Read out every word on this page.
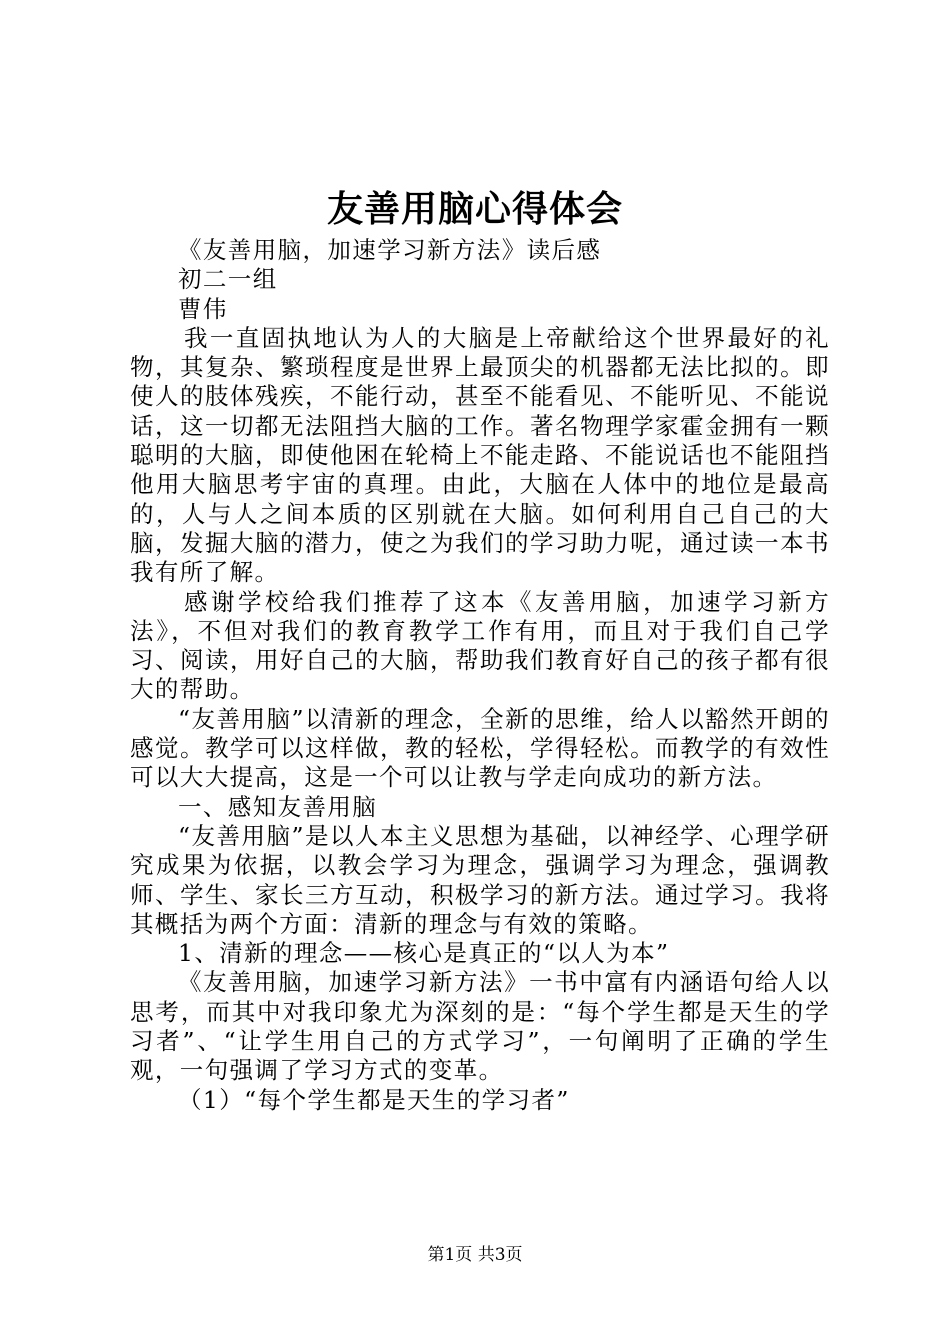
友善用脑心得体会

《友善用脑，加速学习新方法》读后感

初二一组

曹伟

我一直固执地认为人的大脑是上帝献给这个世界最好的礼物，其复杂、繁琐程度是世界上最顶尖的机器都无法比拟的。即使人的肢体残疾，不能行动，甚至不能看见、不能听见、不能说话，这一切都无法阻挡大脑的工作。著名物理学家霍金拥有一颗聪明的大脑，即使他困在轮椅上不能走路、不能说话也不能阻挡他用大脑思考宇宙的真理。由此，大脑在人体中的地位是最高的，人与人之间本质的区别就在大脑。如何利用自己自己的大脑，发掘大脑的潜力，使之为我们的学习助力呢，通过读一本书我有所了解。

感谢学校给我们推荐了这本《友善用脑，加速学习新方法》，不但对我们的教育教学工作有用，而且对于我们自己学习、阅读，用好自己的大脑，帮助我们教育好自己的孩子都有很大的帮助。

“友善用脑”以清新的理念，全新的思维，给人以豁然开朗的感觉。教学可以这样做，教的轻松，学得轻松。而教学的有效性可以大大提高，这是一个可以让教与学走向成功的新方法。

一、感知友善用脑

“友善用脑”是以人本主义思想为基础，以神经学、心理学研究成果为依据，以教会学习为理念，强调学习为理念，强调教师、学生、家长三方互动，积极学习的新方法。通过学习。我将其概括为两个方面：清新的理念与有效的策略。

1、清新的理念——核心是真正的“以人为本”

《友善用脑，加速学习新方法》一书中富有内涵语句给人以思考，而其中对我印象尤为深刻的是：“每个学生都是天生的学习者”、“让学生用自己的方式学习”，一句阐明了正确的学生观，一句强调了学习方式的变革。

（1）“每个学生都是天生的学习者”

第1页 共3页
